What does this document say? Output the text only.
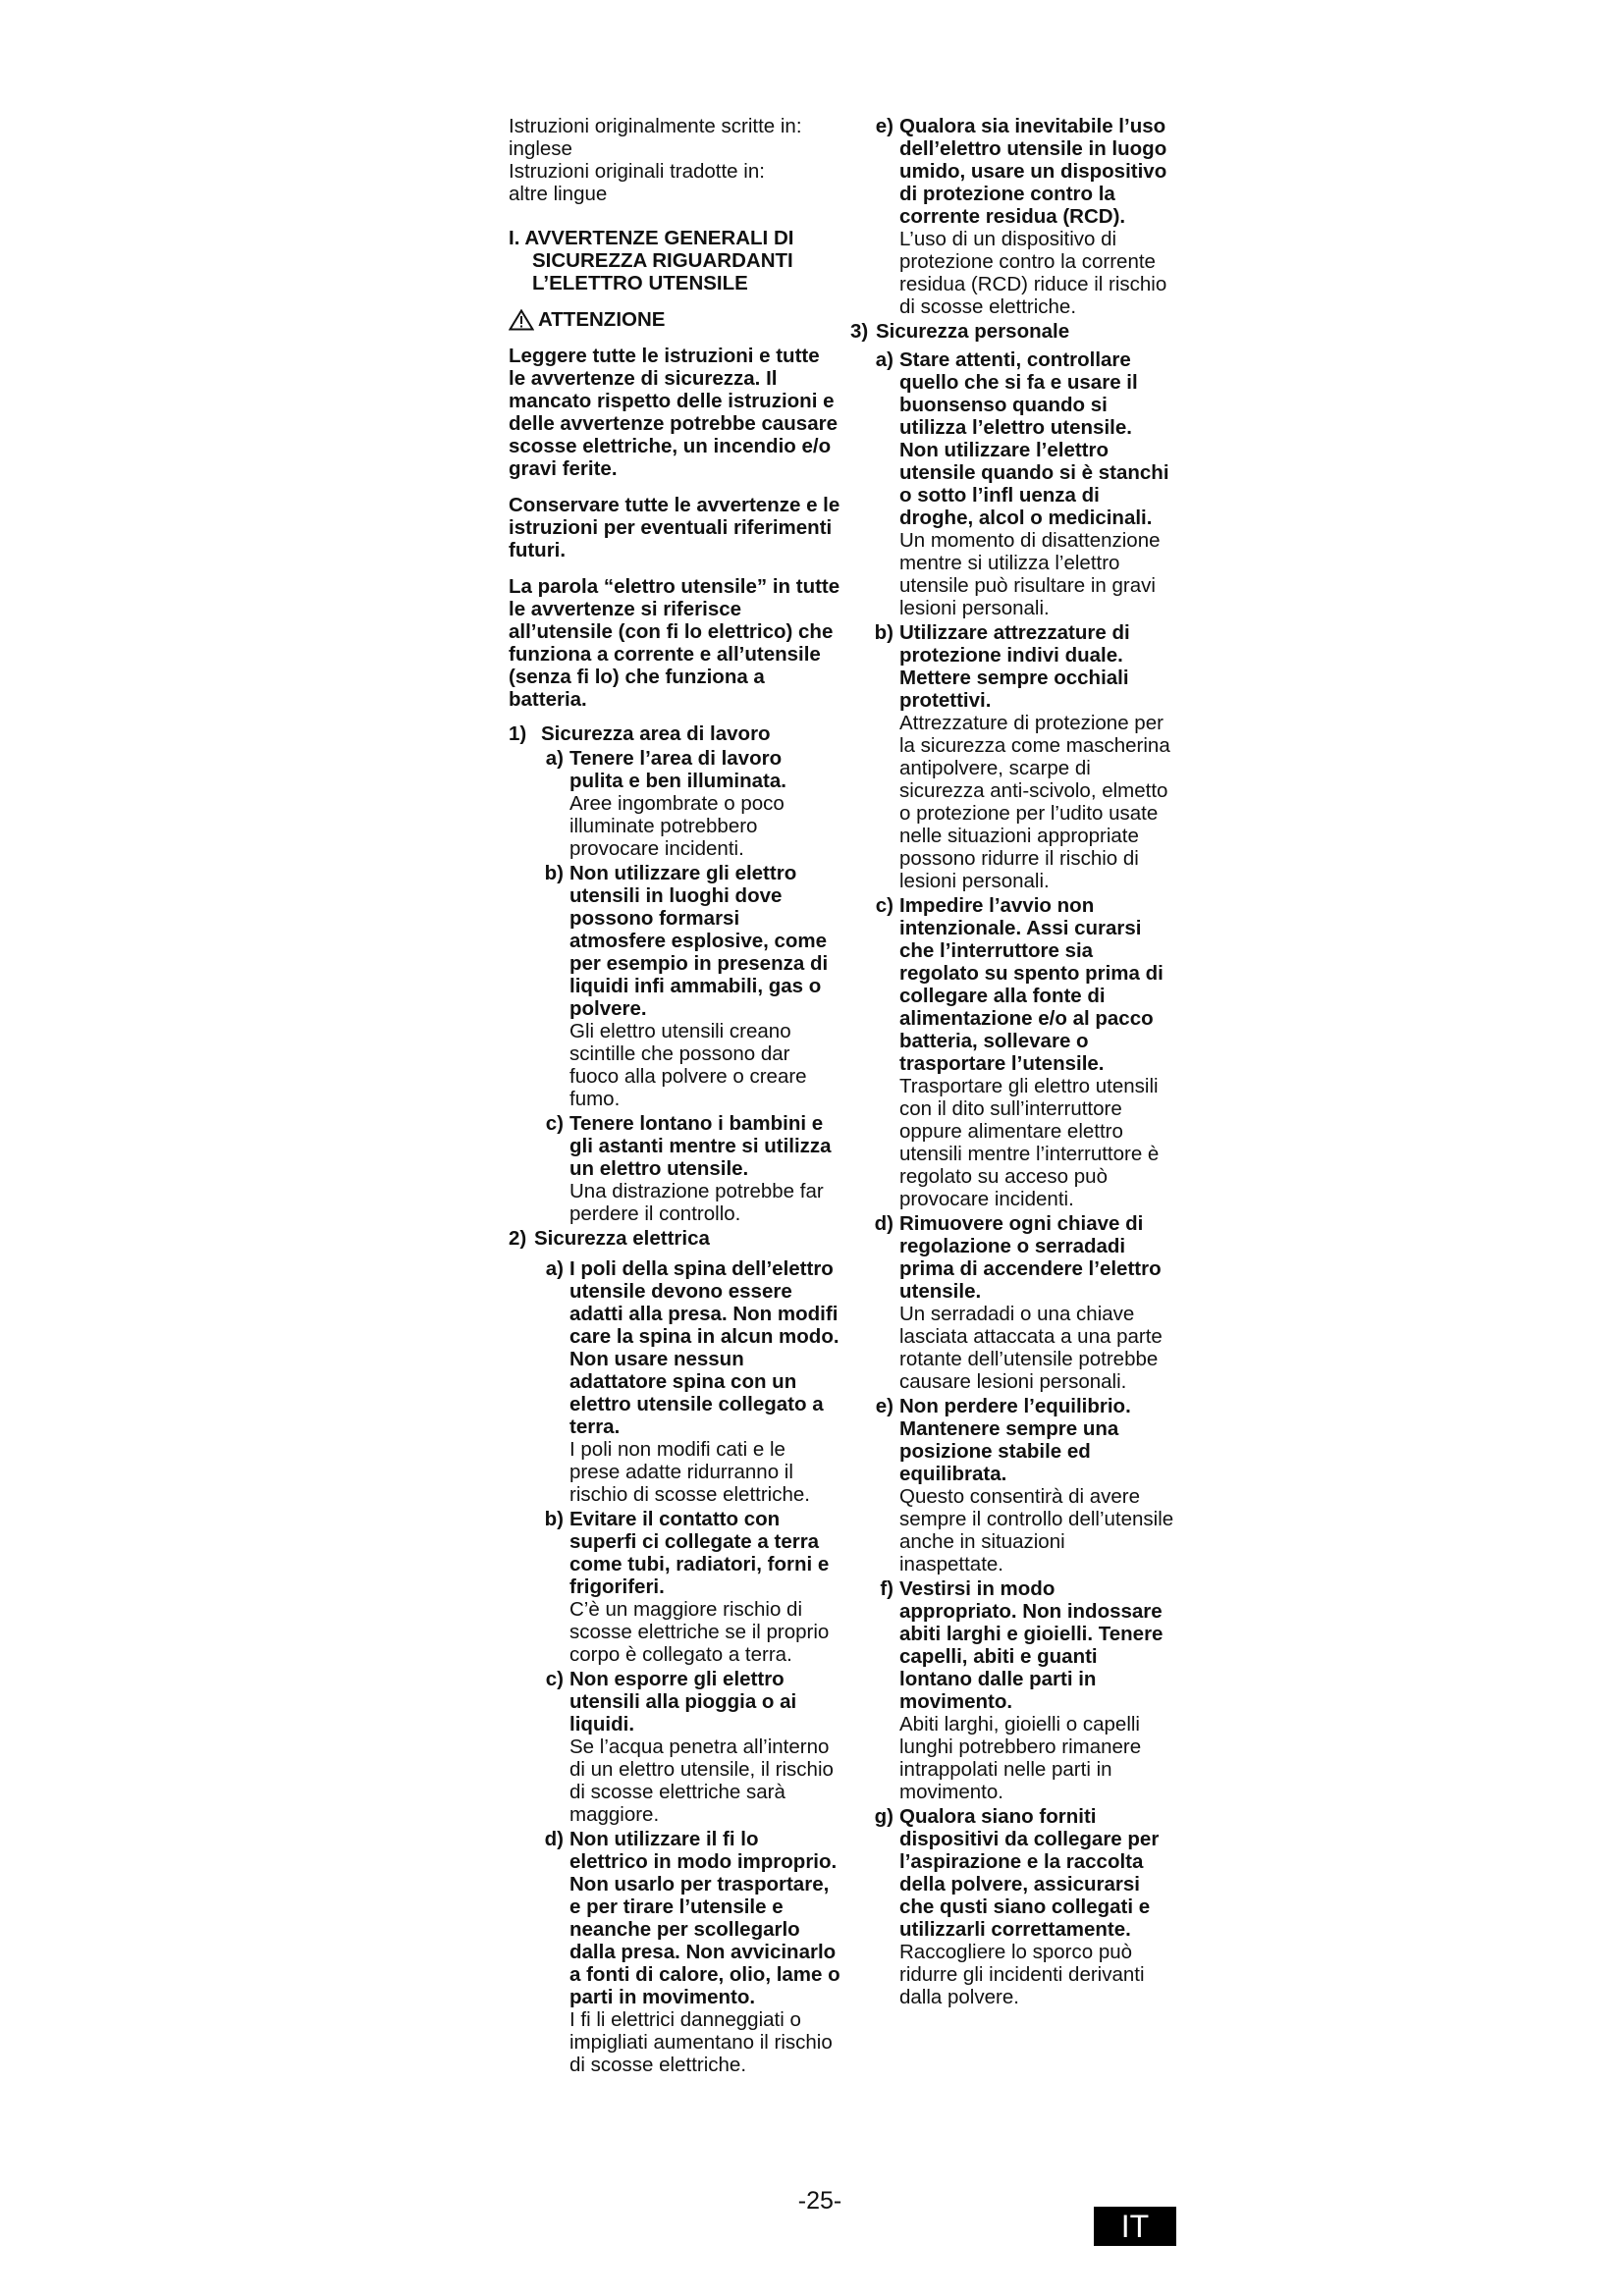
Istruzioni originalmente scritte in:

inglese

Istruzioni originali tradotte in:

altre lingue

I. AVVERTENZE GENERALI DI SICUREZZA RIGUARDANTI L’ELETTRO UTENSILE

ATTENZIONE

Leggere tutte le istruzioni e tutte le avvertenze di sicurezza. Il mancato rispetto delle istruzioni e delle avvertenze potrebbe causare scosse elettriche, un incendio e/o gravi ferite.

Conservare tutte le avvertenze e le istruzioni per eventuali riferimenti futuri.

La parola “elettro utensile” in tutte le avvertenze si riferisce all’utensile (con fi lo elettrico) che funziona a corrente e all’utensile (senza fi lo) che funziona a batteria.

1) Sicurezza area di lavoro

a) Tenere l’area di lavoro pulita e ben illuminata.
Aree ingombrate o poco illuminate potrebbero provocare incidenti.
b) Non utilizzare gli elettro utensili in luoghi dove possono formarsi atmosfere esplosive, come per esempio in presenza di liquidi infi ammabili, gas o polvere.
Gli elettro utensili creano scintille che possono dar fuoco alla polvere o creare fumo.
c) Tenere lontano i bambini e gli astanti mentre si utilizza un elettro utensile.
Una distrazione potrebbe far perdere il controllo.

2) Sicurezza elettrica

a) I poli della spina dell’elettro utensile devono essere adatti alla presa. Non modifi care la spina in alcun modo. Non usare nessun adattatore spina con un elettro utensile collegato a terra.
I poli non modifi cati e le prese adatte ridurranno il rischio di scosse elettriche.
b) Evitare il contatto con superfi ci collegate a terra come tubi, radiatori, forni e frigoriferi.
C’è un maggiore rischio di scosse elettriche se il proprio corpo è collegato a terra.
c) Non esporre gli elettro utensili alla pioggia o ai liquidi.
Se l’acqua penetra all’interno di un elettro utensile, il rischio di scosse elettriche sarà maggiore.
d) Non utilizzare il fi lo elettrico in modo improprio. Non usarlo per trasportare, e per tirare l’utensile e neanche per scollegarlo dalla presa. Non avvicinarlo a fonti di calore, olio, lame o parti in movimento.
I fi li elettrici danneggiati o impigliati aumentano il rischio di scosse elettriche.
e) Qualora sia inevitabile l’uso dell’elettro utensile in luogo umido, usare un dispositivo di protezione contro la corrente residua (RCD).
L’uso di un dispositivo di protezione contro la corrente residua (RCD) riduce il rischio di scosse elettriche.

3) Sicurezza personale

a) Stare attenti, controllare quello che si fa e usare il buonsenso quando si utilizza l’elettro utensile. Non utilizzare l’elettro utensile quando si è stanchi o sotto l’infl uenza di droghe, alcol o medicinali.
Un momento di disattenzione mentre si utilizza l’elettro utensile può risultare in gravi lesioni personali.
b) Utilizzare attrezzature di protezione indivi duale. Mettere sempre occhiali protettivi.
Attrezzature di protezione per la sicurezza come mascherina antipolvere, scarpe di sicurezza anti-scivolo, elmetto o protezione per l’udito usate nelle situazioni appropriate possono ridurre il rischio di lesioni personali.
c) Impedire l’avvio non intenzionale. Assi curarsi che l’interruttore sia regolato su spento prima di collegare alla fonte di alimentazione e/o al pacco batteria, sollevare o trasportare l’utensile.
Trasportare gli elettro utensili con il dito sull’interruttore oppure alimentare elettro utensili mentre l’interruttore è regolato su acceso può provocare incidenti.
d) Rimuovere ogni chiave di regolazione o serradadi prima di accendere l’elettro utensile.
Un serradadi o una chiave lasciata attaccata a una parte rotante dell’utensile potrebbe causare lesioni personali.
e) Non perdere l’equilibrio. Mantenere sempre una posizione stabile ed equilibrata.
Questo consentirà di avere sempre il controllo dell’utensile anche in situazioni inaspettate.
f) Vestirsi in modo appropriato. Non indossare abiti larghi e gioielli. Tenere capelli, abiti e guanti lontano dalle parti in movimento.
Abiti larghi, gioielli o capelli lunghi potrebbero rimanere intrappolati nelle parti in movimento.
g) Qualora siano forniti dispositivi da collegare per l’aspirazione e la raccolta della polvere, assicurarsi che qusti siano collegati e utilizzarli correttamente.
Raccogliere lo sporco può ridurre gli incidenti derivanti dalla polvere.
-25-
IT
